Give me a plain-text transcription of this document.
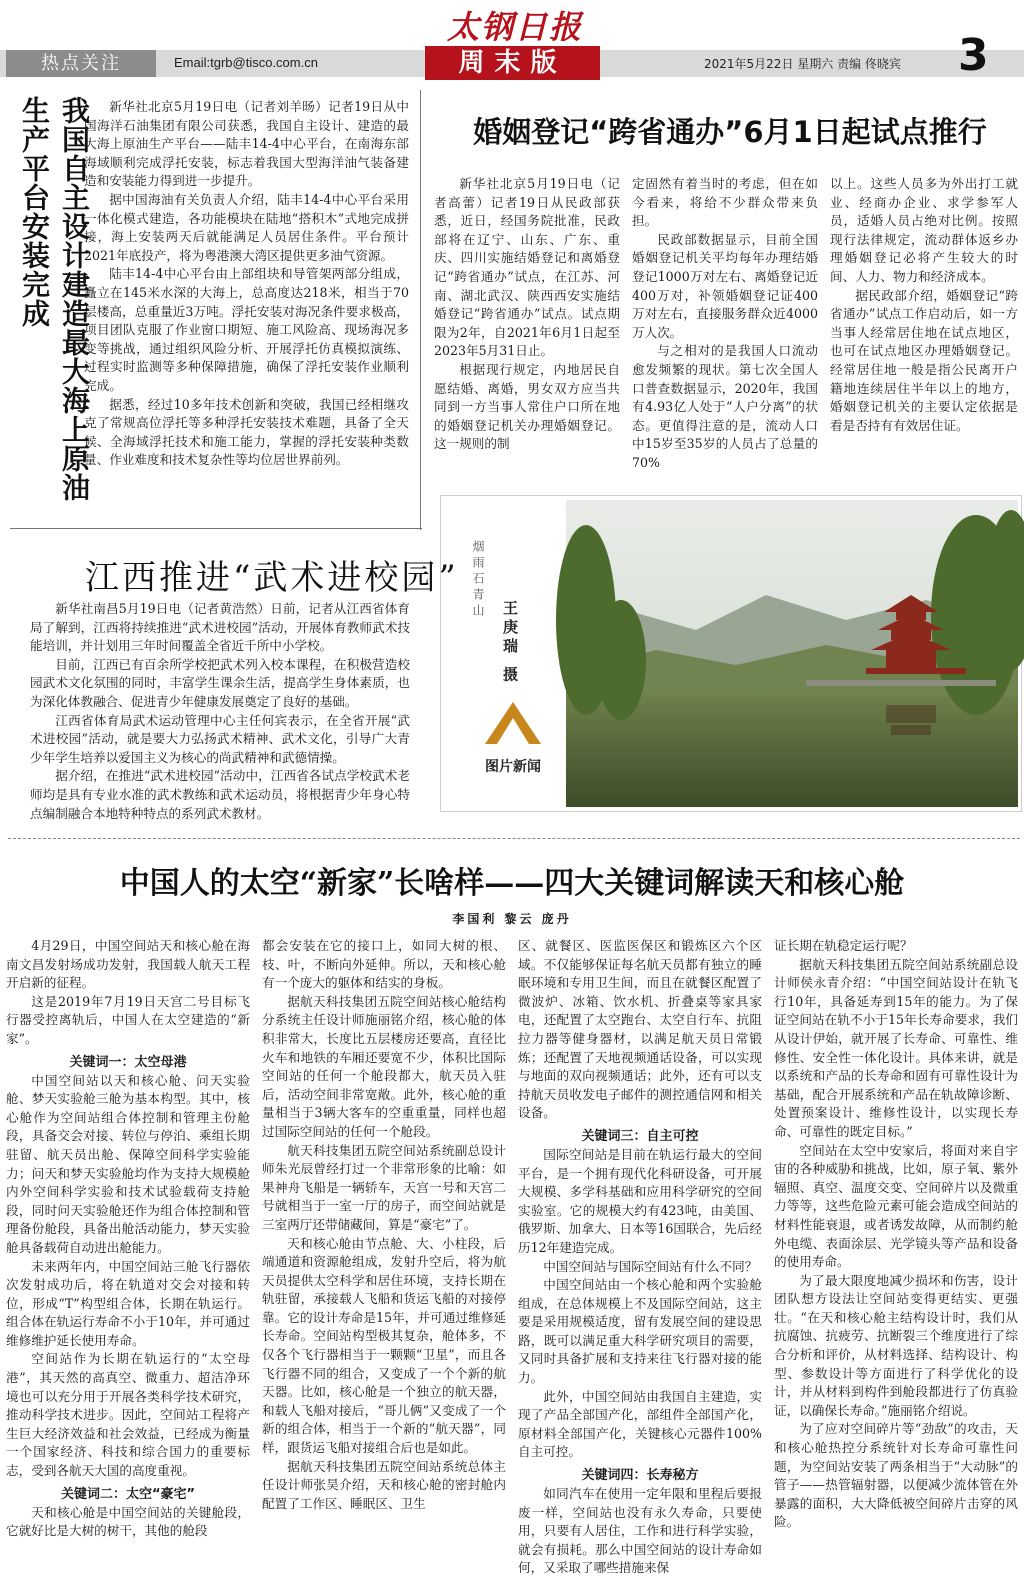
热点关注	Email:tgrb@tisco.com.cn
太钢日报
周末版	2021年5月22日 星期六 责编 佟晓宾 3
我国自主设计建造最大海上原油生产平台安装完成	新华社北京5月19日电（记者刘羊旸）记者19日从中国海洋石油集团有限公司获悉，我国自主设计、建造的最大海上原油生产平台——陆丰14-4中心平台，在南海东部海域顺利完成浮托安装，标志着我国大型海洋油气装备建造和安装能力得到进一步提升。

据中国海油有关负责人介绍，陆丰14-4中心平台采用一体化模式建造，各功能模块在陆地“搭积木”式地完成拼接，海上安装两天后就能满足人员居住条件。平台预计2021年底投产，将为粤港澳大湾区提供更多油气资源。

陆丰14-4中心平台由上部组块和导管架两部分组成，矗立在145米水深的大海上，总高度达218米，相当于70层楼高，总重量近3万吨。浮托安装对海况条件要求极高，项目团队克服了作业窗口期短、施工风险高、现场海况多变等挑战，通过组织风险分析、开展浮托仿真模拟演练、过程实时监测等多种保障措施，确保了浮托安装作业顺利完成。

据悉，经过10多年技术创新和突破，我国已经相继攻克了常规高位浮托等多种浮托安装技术难题，具备了全天候、全海域浮托技术和施工能力，掌握的浮托安装种类数量、作业难度和技术复杂性等均位居世界前列。

婚姻登记“跨省通办”6月1日起试点推行

新华社北京5月19日电（记者高蕾）记者19日从民政部获悉，近日，经国务院批准，民政部将在辽宁、山东、广东、重庆、四川实施结婚登记和离婚登记“跨省通办”试点，在江苏、河南、湖北武汉、陕西西安实施结婚登记“跨省通办”试点。试点期限为2年，自2021年6月1日起至2023年5月31日止。

根据现行规定，内地居民自愿结婚、离婚，男女双方应当共同到一方当事人常住户口所在地的婚姻登记机关办理婚姻登记。这一规则的制

定固然有着当时的考虑，但在如今看来，将给不少群众带来负担。

民政部数据显示，目前全国婚姻登记机关平均每年办理结婚登记1000万对左右、离婚登记近400万对，补领婚姻登记证400万对左右，直接服务群众近4000万人次。

与之相对的是我国人口流动愈发频繁的现状。第七次全国人口普查数据显示，2020年，我国有4.93亿人处于“人户分离”的状态。更值得注意的是，流动人口中15岁至35岁的人员占了总量的70%

以上。这些人员多为外出打工就业、经商办企业、求学参军人员，适婚人员占绝对比例。按照现行法律规定，流动群体返乡办理婚姻登记必将产生较大的时间、人力、物力和经济成本。

据民政部介绍，婚姻登记“跨省通办”试点工作启动后，如一方当事人经常居住地在试点地区，也可在试点地区办理婚姻登记。经常居住地一般是指公民离开户籍地连续居住半年以上的地方，婚姻登记机关的主要认定依据是看是否持有有效居住证。

江西推进“武术进校园”

新华社南昌5月19日电（记者黄浩然）日前，记者从江西省体育局了解到，江西将持续推进“武术进校园”活动，开展体育教师武术技能培训，并计划用三年时间覆盖全省近千所中小学校。

目前，江西已有百余所学校把武术列入校本课程，在积极营造校园武术文化氛围的同时，丰富学生课余生活，提高学生身体素质，也为深化体教融合、促进青少年健康发展奠定了良好的基础。

江西省体育局武术运动管理中心主任何宾表示，在全省开展“武术进校园”活动，就是要大力弘扬武术精神、武术文化，引导广大青少年学生培养以爱国主义为核心的尚武精神和武德情操。

据介绍，在推进“武术进校园”活动中，江西省各试点学校武术老师均是具有专业水准的武术教练和武术运动员，将根据青少年身心特点编制融合本地特种特点的系列武术教材。

烟雨石青山
王庚瑞 摄
图片新闻
中国人的太空“新家”长啥样——四大关键词解读天和核心舱
李国利 黎云 庞丹

4月29日，中国空间站天和核心舱在海南文昌发射场成功发射，我国载人航天工程开启新的征程。

这是2019年7月19日天宫二号目标飞行器受控离轨后，中国人在太空建造的“新家”。

关键词一：太空母港

中国空间站以天和核心舱、问天实验舱、梦天实验舱三舱为基本构型。其中，核心舱作为空间站组合体控制和管理主份舱段，具备交会对接、转位与停泊、乘组长期驻留、航天员出舱、保障空间科学实验能力；问天和梦天实验舱均作为支持大规模舱内外空间科学实验和技术试验载荷支持舱段，同时问天实验舱还作为组合体控制和管理备份舱段，具备出舱活动能力，梦天实验舱具备载荷自动进出舱能力。

未来两年内，中国空间站三舱飞行器依次发射成功后，将在轨道对交会对接和转位，形成“T”构型组合体，长期在轨运行。组合体在轨运行寿命不小于10年，并可通过维修维护延长使用寿命。

空间站作为长期在轨运行的“太空母港”，其天然的高真空、微重力、超洁净环境也可以充分用于开展各类科学技术研究，推动科学技术进步。因此，空间站工程将产生巨大经济效益和社会效益，已经成为衡量一个国家经济、科技和综合国力的重要标志，受到各航天大国的高度重视。

关键词二：太空“豪宅”

天和核心舱是中国空间站的关键舱段，它就好比是大树的树干，其他的舱段

都会安装在它的接口上，如同大树的根、枝、叶，不断向外延伸。所以，天和核心舱有一个庞大的躯体和结实的身板。

据航天科技集团五院空间站核心舱结构分系统主任设计师施丽铭介绍，核心舱的体积非常大，长度比五层楼房还要高，直径比火车和地铁的车厢还要宽不少，体积比国际空间站的任何一个舱段都大，航天员入驻后，活动空间非常宽敞。此外，核心舱的重量相当于3辆大客车的空重重量，同样也超过国际空间站的任何一个舱段。

航天科技集团五院空间站系统副总设计师朱光辰曾经打过一个非常形象的比喻：如果神舟飞船是一辆轿车，天宫一号和天宫二号就相当于一室一厅的房子，而空间站就是三室两厅还带储藏间，算是“豪宅”了。

天和核心舱由节点舱、大、小柱段，后端通道和资源舱组成，发射升空后，将为航天员提供太空科学和居住环境，支持长期在轨驻留，承接载人飞船和货运飞船的对接停靠。它的设计寿命是15年，并可通过维修延长寿命。空间站构型极其复杂，舱体多，不仅各个飞行器相当于一颗颗“卫星”，而且各飞行器不同的组合，又变成了一个个新的航天器。比如，核心舱是一个独立的航天器，和载人飞船对接后，“哥儿俩”又变成了一个新的组合体，相当于一个新的“航天器”，同样，跟货运飞船对接组合后也是如此。

据航天科技集团五院空间站系统总体主任设计师张昊介绍，天和核心舱的密封舱内配置了工作区、睡眠区、卫生

区、就餐区、医监医保区和锻炼区六个区域。不仅能够保证每名航天员都有独立的睡眠环境和专用卫生间，而且在就餐区配置了微波炉、冰箱、饮水机、折叠桌等家具家电，还配置了太空跑台、太空自行车、抗阻拉力器等健身器材，以满足航天员日常锻炼；还配置了天地视频通话设备，可以实现与地面的双向视频通话；此外，还有可以支持航天员收发电子邮件的测控通信网和相关设备。

关键词三：自主可控

国际空间站是目前在轨运行最大的空间平台，是一个拥有现代化科研设备，可开展大规模、多学科基础和应用科学研究的空间实验室。它的规模大约有423吨，由美国、俄罗斯、加拿大、日本等16国联合，先后经历12年建造完成。

中国空间站与国际空间站有什么不同？

中国空间站由一个核心舱和两个实验舱组成，在总体规模上不及国际空间站，这主要是采用规模适度，留有发展空间的建设思路，既可以满足重大科学研究项目的需要，又同时具备扩展和支持来往飞行器对接的能力。

此外，中国空间站由我国自主建造，实现了产品全部国产化，部组件全部国产化，原材料全部国产化，关键核心元器件100%自主可控。

关键词四：长寿秘方

如同汽车在使用一定年限和里程后要报废一样，空间站也没有永久寿命，只要使用，只要有人居住，工作和进行科学实验，就会有损耗。那么中国空间站的设计寿命如何，又采取了哪些措施来保

证长期在轨稳定运行呢？

据航天科技集团五院空间站系统副总设计师侯永青介绍：“中国空间站设计在轨飞行10年，具备延寿到15年的能力。为了保证空间站在轨不小于15年长寿命要求，我们从设计伊始，就开展了长寿命、可靠性、维修性、安全性一体化设计。具体来讲，就是以系统和产品的长寿命和固有可靠性设计为基础，配合开展系统和产品在轨故障诊断、处置预案设计、维修性设计，以实现长寿命、可靠性的既定目标。”

空间站在太空中安家后，将面对来自宇宙的各种威胁和挑战，比如，原子氧、紫外辐照、真空、温度交变、空间碎片以及微重力等等，这些危险元素可能会造成空间站的材料性能衰退，或者诱发故障，从而制约舱外电缆、表面涂层、光学镜头等产品和设备的使用寿命。

为了最大限度地减少损坏和伤害，设计团队想方设法让空间站变得更结实、更强壮。“在天和核心舱主结构设计时，我们从抗腐蚀、抗疲劳、抗断裂三个维度进行了综合分析和评价，从材料选择、结构设计、构型、参数设计等方面进行了科学优化的设计，并从材料到构件到舱段都进行了仿真验证，以确保长寿命。”施丽铭介绍说。

为了应对空间碎片等“劲敌”的攻击，天和核心舱热控分系统针对长寿命可靠性问题，为空间站安装了两条相当于“大动脉”的管子——热管辐射器，以便减少流体管在外暴露的面积，大大降低被空间碎片击穿的风险。
